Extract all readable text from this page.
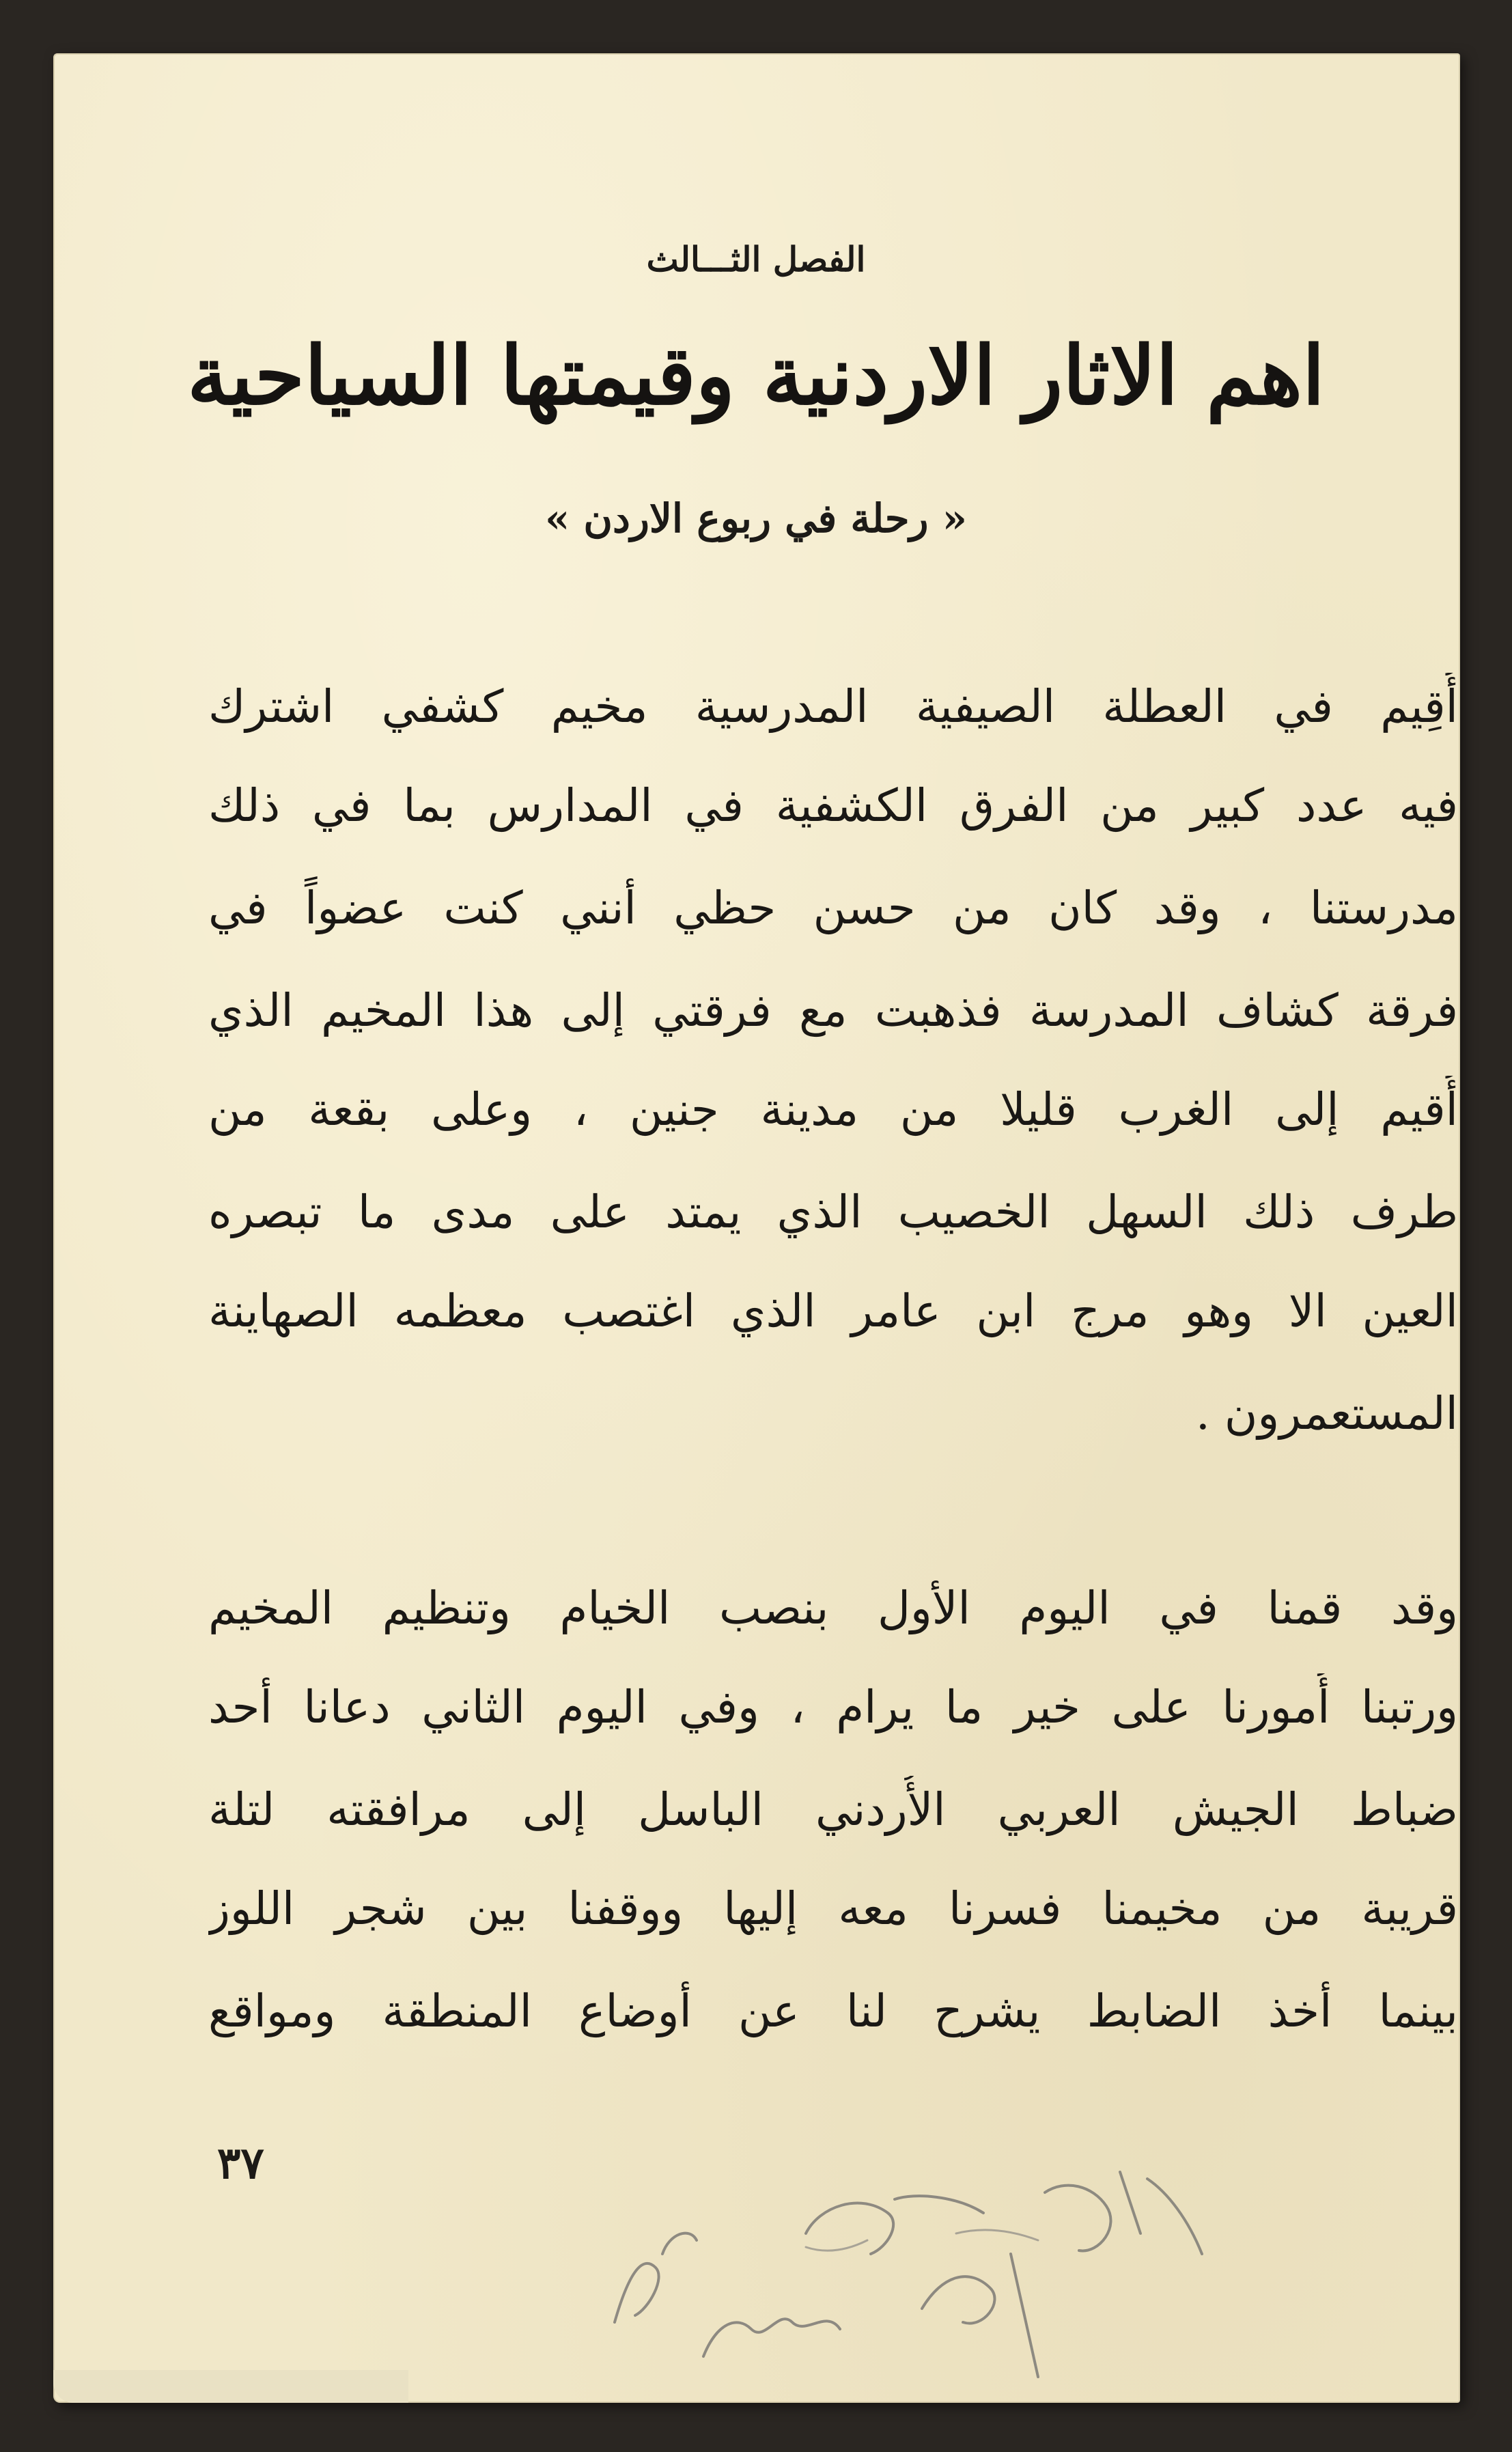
الفصل الثـــالث
اهم الاثار الاردنية وقيمتها السياحية
« رحلة في ربوع الاردن »
أُقِيم في العطلة الصيفية المدرسية مخيم كشفي اشترك
فيه عدد كبير من الفرق الكشفية في المدارس بما في ذلك
مدرستنا ، وقد كان من حسن حظي أنني كنت عضواً في
فرقة كشاف المدرسة فذهبت مع فرقتي إلى هذا المخيم الذي
أُقيم إلى الغرب قليلا من مدينة جنين ، وعلى بقعة من
طرف ذلك السهل الخصيب الذي يمتد على مدى ما تبصره
العين الا وهو مرج ابن عامر الذي اغتصب معظمه الصهاينة
المستعمرون .
وقد قمنا في اليوم الأول بنصب الخيام وتنظيم المخيم
ورتبنا أُمورنا على خير ما يرام ، وفي اليوم الثاني دعانا أحد
ضباط الجيش العربي الأُردني الباسل إلى مرافقته لتلة
قريبة من مخيمنا فسرنا معه إليها ووقفنا بين شجر اللوز
بينما أخذ الضابط يشرح لنا عن أوضاع المنطقة ومواقع
٣٧
